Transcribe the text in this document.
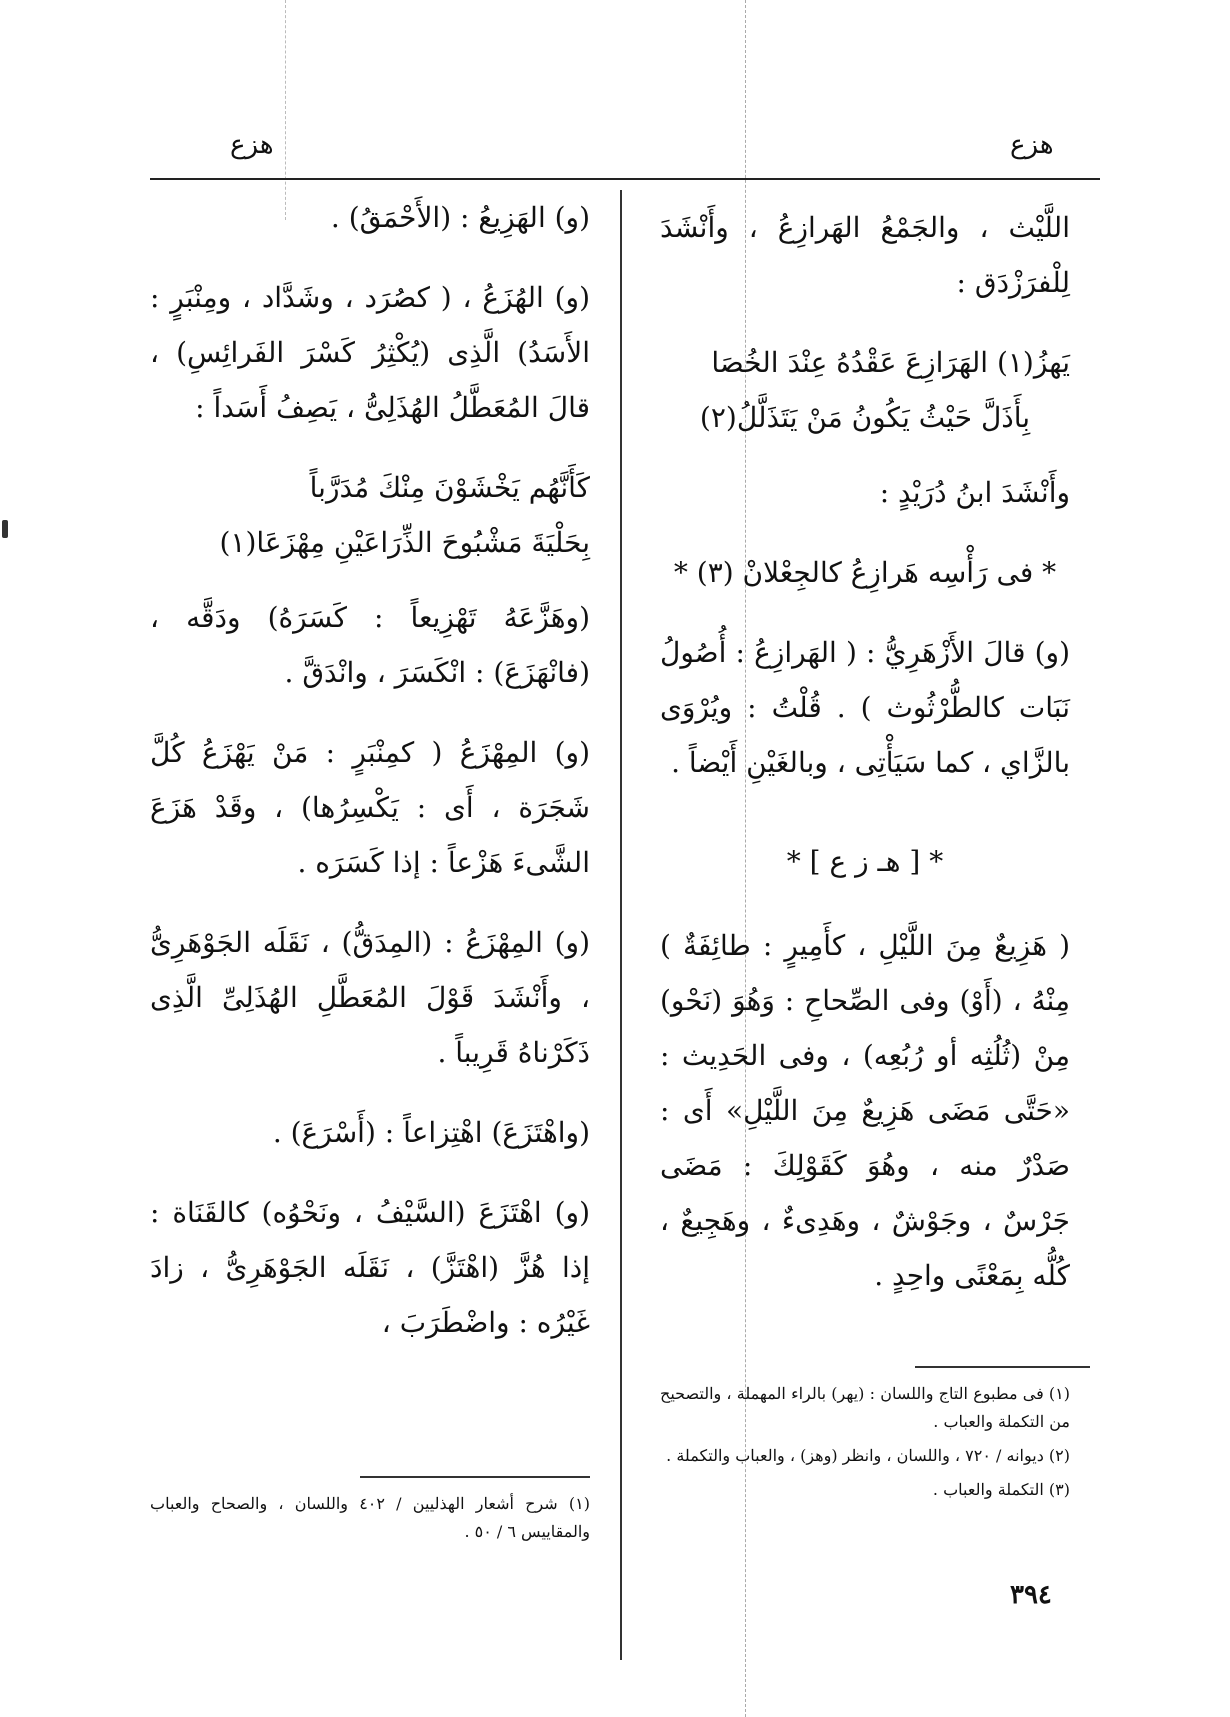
هزع	هزع

اللَّيْث ، والجَمْعُ الهَرازِعُ ، وأَنْشَدَ لِلْفرَزْدَق :

يَهزُ(١) الهَرَازِعَ عَقْدُهُ عِنْدَ الخُصَا
بِأَذَلَّ حَيْثُ يَكُونُ مَنْ يَتَذَلَّلُ(٢)

وأَنْشَدَ ابنُ دُرَيْدٍ :

* فى رَأْسِه هَرازِعُ كالجِعْلانْ (٣) *

(و) قالَ الأَزْهَرِيُّ : ( الهَرازِعُ : أُصُولُ نَبَات كالطُّرْثُوث ) . قُلْتُ : ويُرْوَى بالزَّاي ، كما سَيَأْتِى ، وبالغَيْنِ أَيْضاً .

* [ هـ ز ع ] *

( هَزِيعٌ مِنَ اللَّيْلِ ، كأَمِيرٍ : طائِفَةٌ ) مِنْهُ ، (أَوْ) وفى الصِّحاحِ : وَهُوَ (نَحْو) مِنْ (ثُلُثِه أو رُبُعِه) ، وفى الحَدِيث : «حَتَّى مَضَى هَزِيعٌ مِنَ اللَّيْلِ» أَى : صَدْرٌ منه ، وهُوَ كَقَوْلِكَ : مَضَى جَرْسٌ ، وجَوْشٌ ، وهَدِىءٌ ، وهَجِيعٌ ، كُلُّه بِمَعْنًى واحِدٍ .

(١) فى مطبوع التاج واللسان : (يهر) بالراء المهملة ، والتصحيح من التكملة والعباب .

(٢) ديوانه / ٧٢٠ ، واللسان ، وانظر (وهز) ، والعباب والتكملة .

(٣) التكملة والعباب .

(و) الهَزِيعُ : (الأَحْمَقُ) .

(و) الهُزَعُ ، ( كصُرَد ، وشَدَّاد ، ومِنْبَرٍ : الأَسَدُ) الَّذِى (يُكْثِرُ كَسْرَ الفَرائِسِ) ، قالَ المُعَطَّلُ الهُذَلِىُّ ، يَصِفُ أَسَداً :

كَأَنَّهُم يَخْشَوْنَ مِنْكَ مُدَرَّباً
بِحَلْيَةَ مَشْبُوحَ الذِّرَاعَيْنِ مِهْزَعَا(١)

(وهَزَّعَهُ تَهْزِيعاً : كَسَرَهُ) ودَقَّه ، (فانْهَزَعَ) : انْكَسَرَ ، وانْدَقَّ .

(و) المِهْزَعُ ( كمِنْبَرٍ : مَنْ يَهْزَعُ كُلَّ شَجَرَة ، أَى : يَكْسِرُها) ، وقَدْ هَزَعَ الشَّىءَ هَزْعاً : إذا كَسَرَه .

(و) المِهْزَعُ : (المِدَقُّ) ، نَقَلَه الجَوْهَرِىُّ ، وأَنْشَدَ قَوْلَ المُعَطَّلِ الهُذَلِىِّ الَّذِى ذَكَرْناهُ قَرِيباً .

(واهْتَزَعَ) اهْتِزاعاً : (أَسْرَعَ) .

(و) اهْتَزَعَ (السَّيْفُ ، ونَحْوُه) كالقَنَاة : إذا هُزَّ (اهْتَزَّ) ، نَقَلَه الجَوْهَرِىُّ ، زادَ غَيْرُه : واضْطَرَبَ ،

(١) شرح أشعار الهذليين / ٤٠٢ واللسان ، والصحاح والعباب والمقاييس ٦ / ٥٠ .

٣٩٤
